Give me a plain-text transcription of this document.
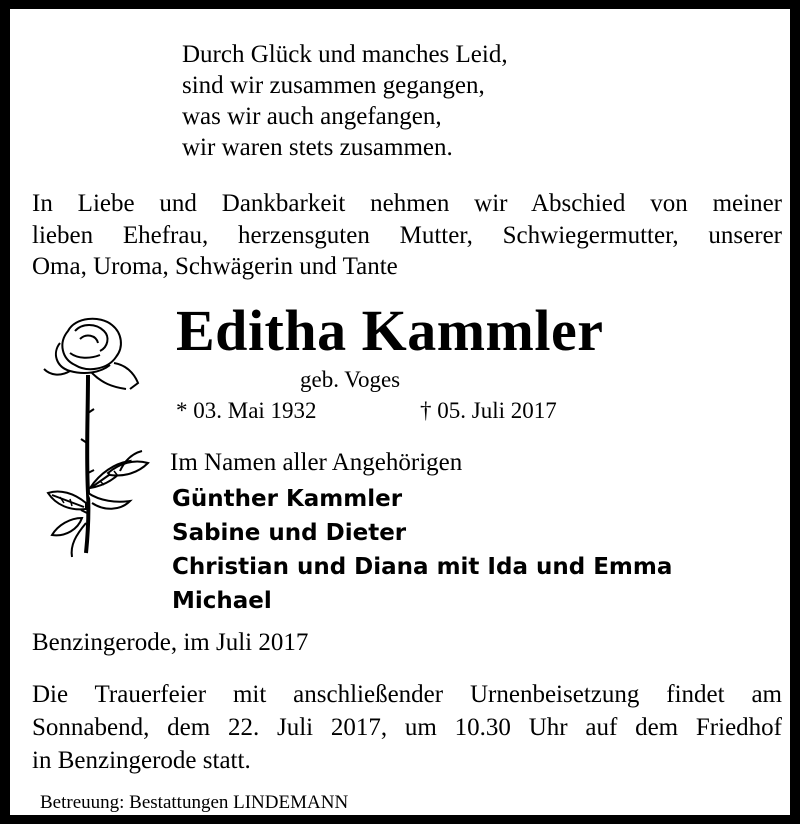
Durch Glück und manches Leid,
sind wir zusammen gegangen,
was wir auch angefangen,
wir waren stets zusammen.
In Liebe und Dankbarkeit nehmen wir Abschied von meiner
lieben Ehefrau, herzensguten Mutter, Schwiegermutter, unserer
Oma, Uroma, Schwägerin und Tante
Editha Kammler
geb. Voges
* 03. Mai 1932	† 05. Juli 2017
Im Namen aller Angehörigen
Günther Kammler
Sabine und Dieter
Christian und Diana mit Ida und Emma
Michael
Benzingerode, im Juli 2017
Die Trauerfeier mit anschließender Urnenbeisetzung findet am
Sonnabend, dem 22. Juli 2017, um 10.30 Uhr auf dem Friedhof
in Benzingerode statt.
Betreuung: Bestattungen LINDEMANN
